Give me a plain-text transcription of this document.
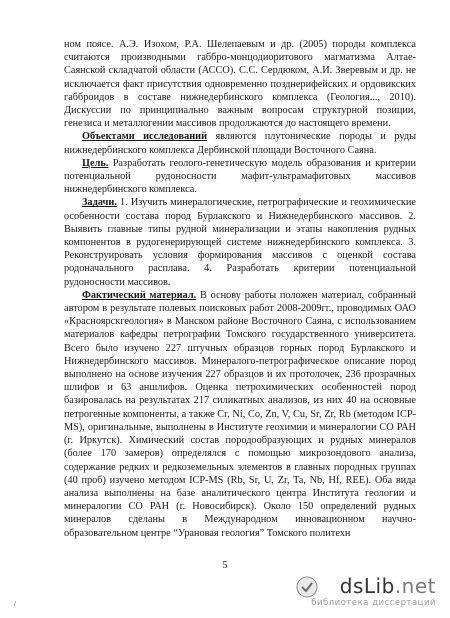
ном поясе. А.Э. Изохом, Р.А. Шелепаевым и др. (2005) породы комплекса считаются производными габбро-монцодиоритового магматизма Алтае-Саянской складчатой области (АССО). С.С. Сердюком, А.И. Зверевым и др. не исключается факт присутствия одновременно позднерифейских и ордовикских габброидов в составе нижнедербинского комплекса (Геология..., 2010). Дискуссии по принципиально важным вопросам структурной позиции, генезиса и металлогении массивов продолжаются до настоящего времени.

Объектами исследований являются плутонические породы и руды нижнедербинского комплекса Дербинской площади Восточного Саяна.

Цель. Разработать геолого-генетическую модель образования и критерии потенциальной рудоносности мафит-ультрамафитовых массивов нижнедербинского комплекса.

Задачи. 1. Изучить минералогические, петрографические и геохимические особенности состава пород Бурлакского и Нижнедербинского массивов. 2. Выявить главные типы рудной минерализации и этапы накопления рудных компонентов в рудогенерирующей системе нижнедербинского комплекса. 3. Реконструировать условия формирования массивов с оценкой состава родоначального расплава. 4. Разработать критерии потенциальной рудоносности массивов.

Фактический материал. В основу работы положен материал, собранный автором в результате полевых поисковых работ 2008-2009гг., проводимых ОАО «Красноярскгеология» в Манском районе Восточного Саяна, с использованием материалов кафедры петрографии Томского государственного университета. Всего было изучено 227 штучных образцов горных пород Бурлакского и Нижнедербинского массивов. Минералого-петрографическое описание пород выполнено на основе изучения 227 образцов и их протолочек, 236 прозрачных шлифов и 63 аншлифов. Оценка петрохимических особенностей пород базировалась на результатах 217 силикатных анализов, из них 40 на основные петрогенные компоненты, а также Cr, Ni, Co, Zn, V, Cu, Sr, Zr, Rb (методом ICP-MS), оригинальные, выполнены в Институте геохимии и минералогии СО РАН (г. Иркутск). Химический состав породообразующих и рудных минералов (более 170 замеров) определялся с помощью микрозондового анализа, содержание редких и редкоземельных элементов в главных породных группах (40 проб) изучено методом ICP-MS (Rb, Sr, U, Zr, Ta, Nb, Hf, REE). Оба вида анализа выполнены на базе аналитического центра Института геологии и минералогии СО РАН (г. Новосибирск). Около 150 определений рудных минералов сделаны в Международном инновационном научно-образовательном центре “Урановая геология” Томского политехн

5
/
dsLib.net
библиотека диссертаций
